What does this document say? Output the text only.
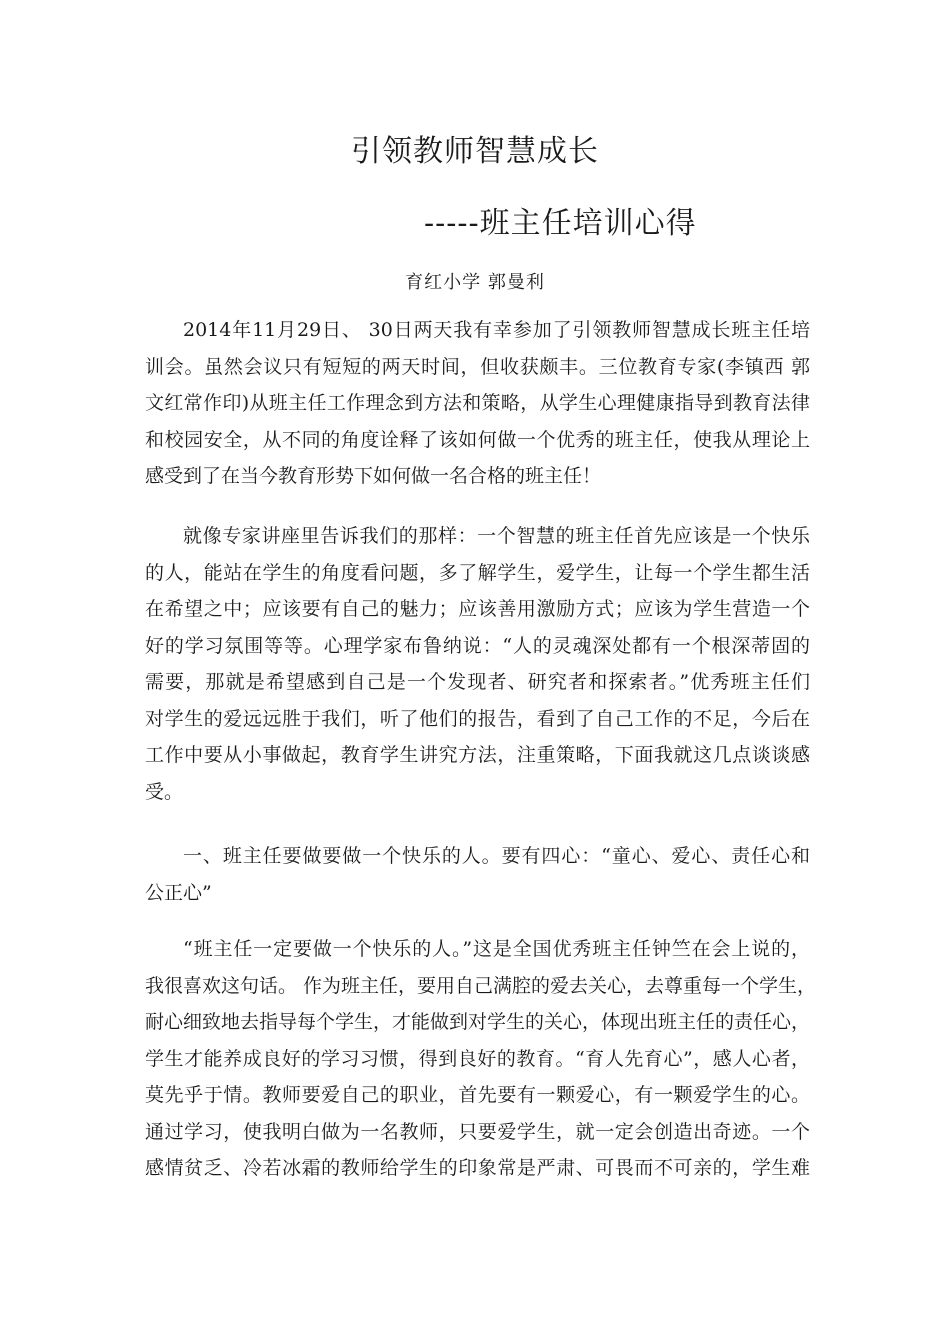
引领教师智慧成长
-----班主任培训心得
育红小学 郭曼利
2014年11月29日、 30日两天我有幸参加了引领教师智慧成长班主任培
训会。虽然会议只有短短的两天时间，但收获颇丰。三位教育专家(李镇西 郭
文红常作印)从班主任工作理念到方法和策略，从学生心理健康指导到教育法律
和校园安全，从不同的角度诠释了该如何做一个优秀的班主任，使我从理论上
感受到了在当今教育形势下如何做一名合格的班主任！
就像专家讲座里告诉我们的那样：一个智慧的班主任首先应该是一个快乐
的人，能站在学生的角度看问题，多了解学生，爱学生，让每一个学生都生活
在希望之中；应该要有自己的魅力；应该善用激励方式；应该为学生营造一个
好的学习氛围等等。心理学家布鲁纳说：“人的灵魂深处都有一个根深蒂固的
需要，那就是希望感到自己是一个发现者、研究者和探索者。”优秀班主任们
对学生的爱远远胜于我们，听了他们的报告，看到了自己工作的不足，今后在
工作中要从小事做起，教育学生讲究方法，注重策略，下面我就这几点谈谈感
受。
一、班主任要做要做一个快乐的人。要有四心：“童心、爱心、责任心和
公正心”
“班主任一定要做一个快乐的人。”这是全国优秀班主任钟竺在会上说的，
我很喜欢这句话。 作为班主任，要用自己满腔的爱去关心，去尊重每一个学生，
耐心细致地去指导每个学生，才能做到对学生的关心，体现出班主任的责任心，
学生才能养成良好的学习习惯，得到良好的教育。“育人先育心”，感人心者，
莫先乎于情。教师要爱自己的职业，首先要有一颗爱心，有一颗爱学生的心。
通过学习，使我明白做为一名教师，只要爱学生，就一定会创造出奇迹。一个
感情贫乏、冷若冰霜的教师给学生的印象常是严肃、可畏而不可亲的，学生难
